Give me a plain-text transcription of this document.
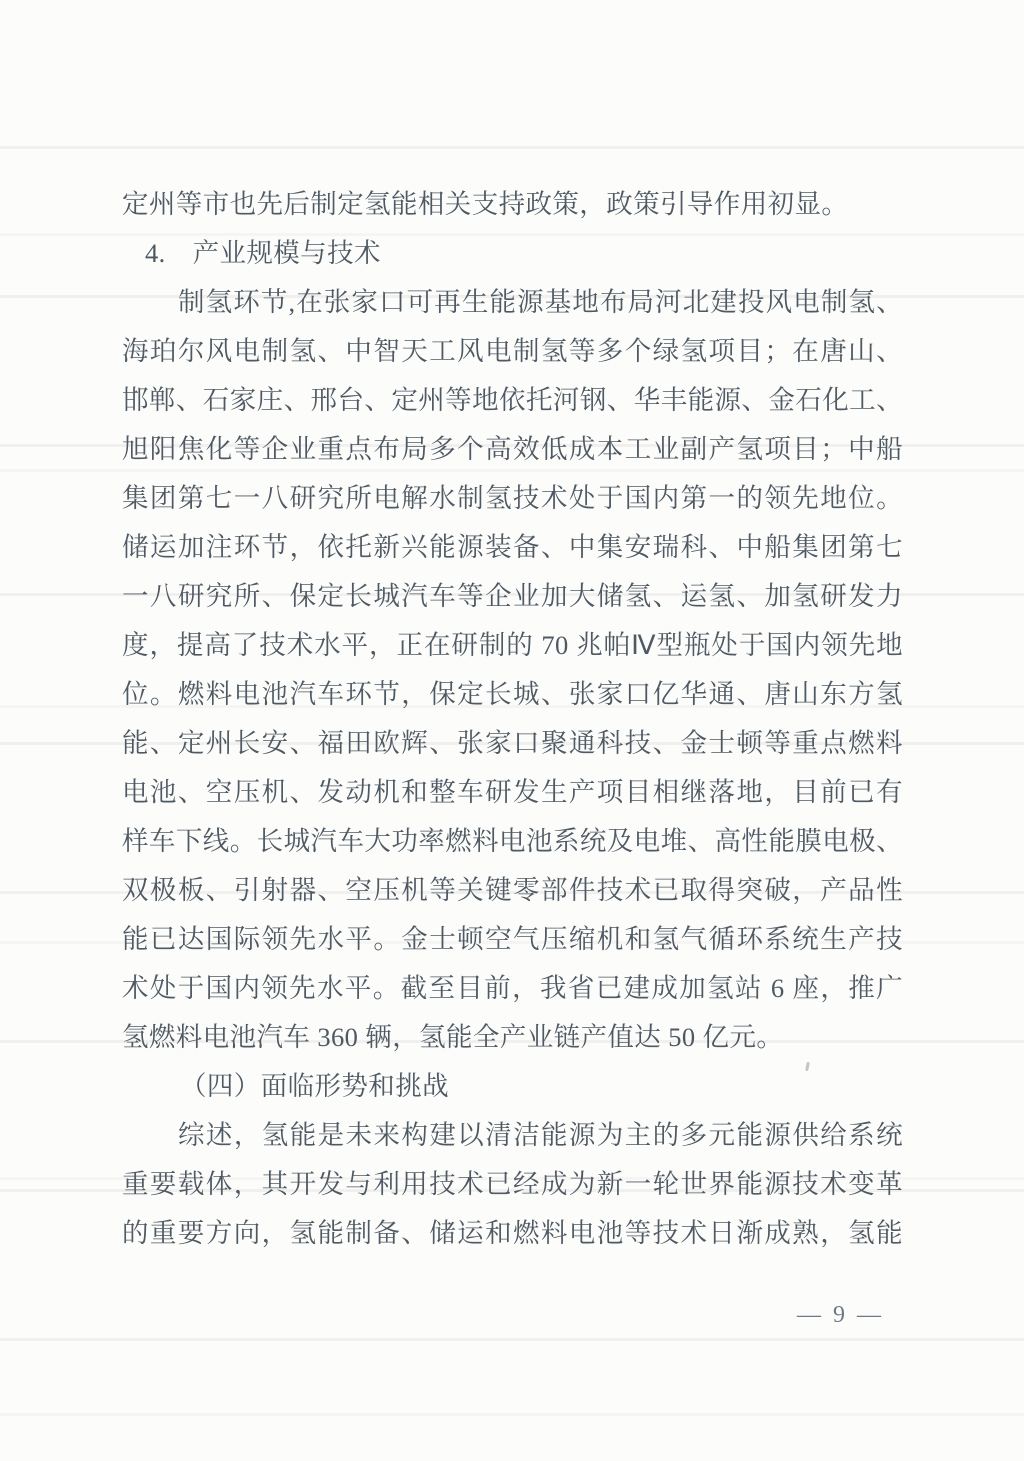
定州等市也先后制定氢能相关支持政策，政策引导作用初显。
4.　产业规模与技术
制氢环节,在张家口可再生能源基地布局河北建投风电制氢、
海珀尔风电制氢、中智天工风电制氢等多个绿氢项目；在唐山、
邯郸、石家庄、邢台、定州等地依托河钢、华丰能源、金石化工、
旭阳焦化等企业重点布局多个高效低成本工业副产氢项目；中船
集团第七一八研究所电解水制氢技术处于国内第一的领先地位。
储运加注环节，依托新兴能源装备、中集安瑞科、中船集团第七
一八研究所、保定长城汽车等企业加大储氢、运氢、加氢研发力
度，提高了技术水平，正在研制的 70 兆帕Ⅳ型瓶处于国内领先地
位。燃料电池汽车环节，保定长城、张家口亿华通、唐山东方氢
能、定州长安、福田欧辉、张家口聚通科技、金士顿等重点燃料
电池、空压机、发动机和整车研发生产项目相继落地，目前已有
样车下线。长城汽车大功率燃料电池系统及电堆、高性能膜电极、
双极板、引射器、空压机等关键零部件技术已取得突破，产品性
能已达国际领先水平。金士顿空气压缩机和氢气循环系统生产技
术处于国内领先水平。截至目前，我省已建成加氢站 6 座，推广
氢燃料电池汽车 360 辆，氢能全产业链产值达 50 亿元。
（四）面临形势和挑战
综述，氢能是未来构建以清洁能源为主的多元能源供给系统
重要载体，其开发与利用技术已经成为新一轮世界能源技术变革
的重要方向，氢能制备、储运和燃料电池等技术日渐成熟，氢能
— 9 —
